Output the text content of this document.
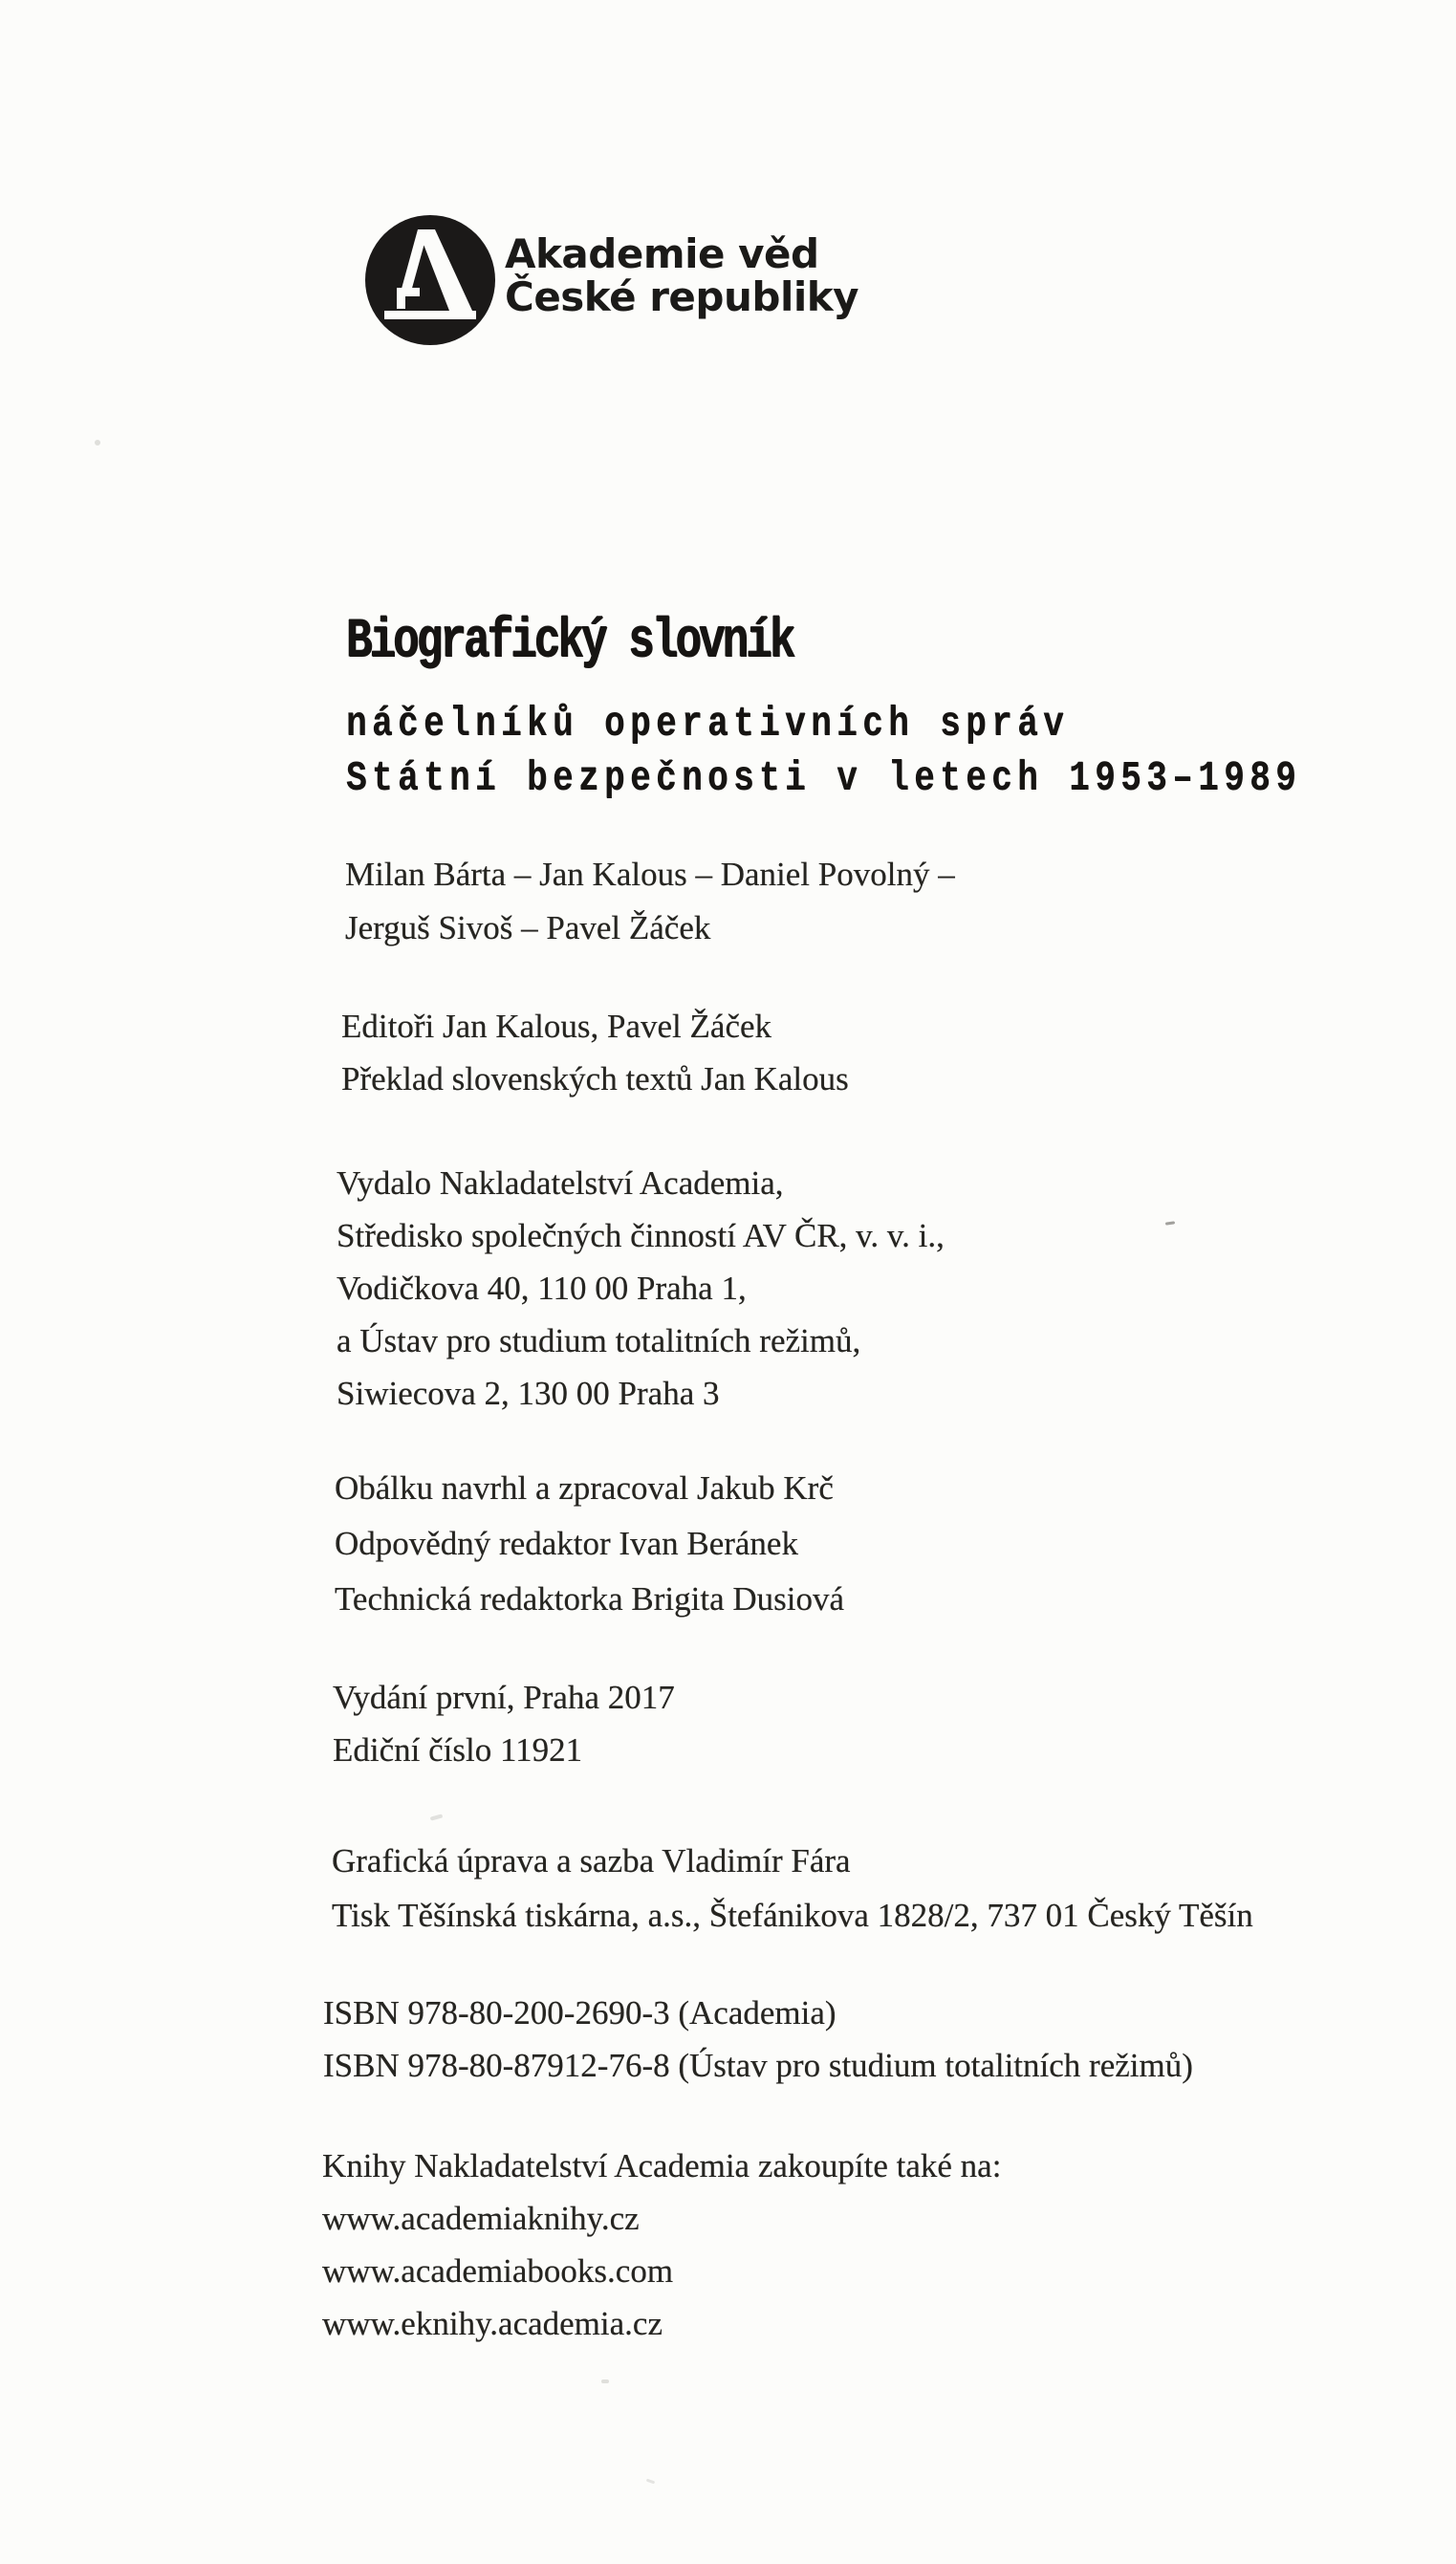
Akademie věd
České republiky
Biografický slovník
náčelníků operativních správ
Státní bezpečnosti v letech 1953–1989
Milan Bárta – Jan Kalous – Daniel Povolný –
Jerguš Sivoš – Pavel Žáček
Editoři Jan Kalous, Pavel Žáček
Překlad slovenských textů Jan Kalous
Vydalo Nakladatelství Academia,
Středisko společných činností AV ČR, v. v. i.,
Vodičkova 40, 110 00 Praha 1,
a Ústav pro studium totalitních režimů,
Siwiecova 2, 130 00 Praha 3
Obálku navrhl a zpracoval Jakub Krč
Odpovědný redaktor Ivan Beránek
Technická redaktorka Brigita Dusiová
Vydání první, Praha 2017
Ediční číslo 11921
Grafická úprava a sazba Vladimír Fára
Tisk Těšínská tiskárna, a.s., Štefánikova 1828/2, 737 01 Český Těšín
ISBN 978-80-200-2690-3 (Academia)
ISBN 978-80-87912-76-8 (Ústav pro studium totalitních režimů)
Knihy Nakladatelství Academia zakoupíte také na:
www.academiaknihy.cz
www.academiabooks.com
www.eknihy.academia.cz
